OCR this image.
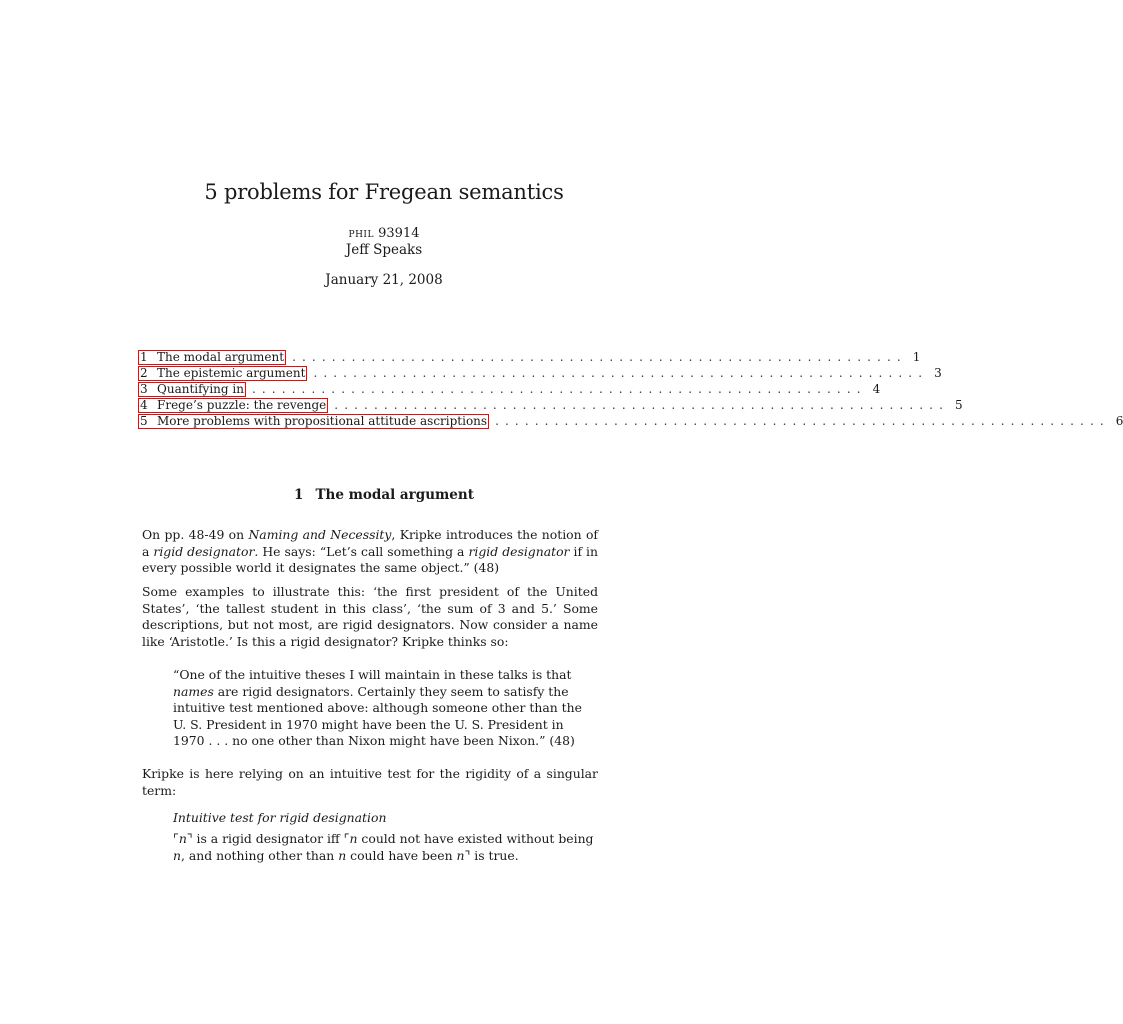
5 problems for Fregean semantics
phil 93914
Jeff Speaks
January 21, 2008
1 The modal argument .............................................................. 1
2 The epistemic argument .............................................................. 3
3 Quantifying in .............................................................. 4
4 Frege’s puzzle: the revenge .............................................................. 5
5 More problems with propositional attitude ascriptions .............................................................. 6
1 The modal argument
On pp. 48-49 on Naming and Necessity, Kripke introduces the notion of a rigid designator. He says: “Let’s call something a rigid designator if in every possible world it designates the same object.” (48)
Some examples to illustrate this: ‘the first president of the United States’, ‘the tallest student in this class’, ‘the sum of 3 and 5.’ Some descriptions, but not most, are rigid designators. Now consider a name like ‘Aristotle.’ Is this a rigid designator? Kripke thinks so:
“One of the intuitive theses I will maintain in these talks is that names are rigid designators. Certainly they seem to satisfy the intuitive test mentioned above: although someone other than the U. S. President in 1970 might have been the U. S. President in 1970 . . . no one other than Nixon might have been Nixon.” (48)
Kripke is here relying on an intuitive test for the rigidity of a singular term:
Intuitive test for rigid designation
⌜n⌝ is a rigid designator iff ⌜n could not have existed without being n, and nothing other than n could have been n⌝ is true.
